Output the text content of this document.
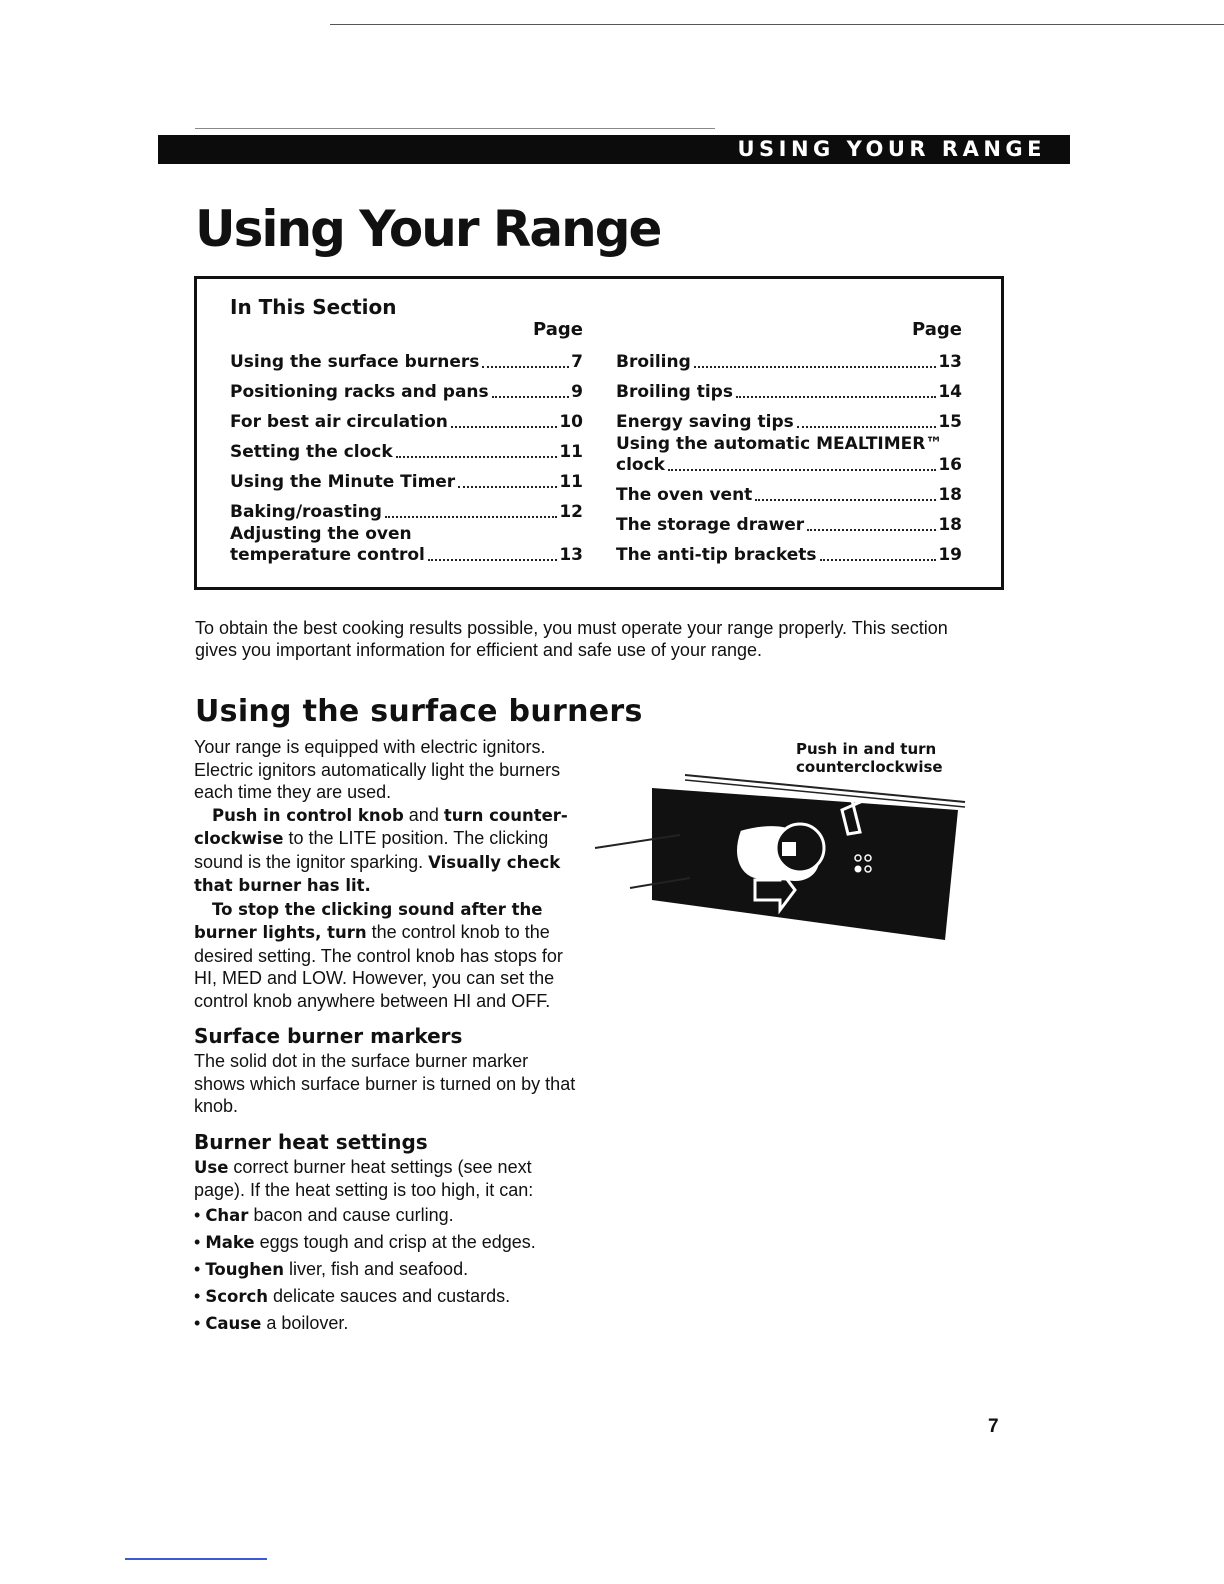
USING YOUR RANGE
Using Your Range
In This Section
Page
Using the surface burners	7
Positioning racks and pans	9
For best air circulation	10
Setting the clock	11
Using the Minute Timer	11
Baking/roasting	12
Adjusting the oven
temperature control	13
Page
Broiling	13
Broiling tips	14
Energy saving tips	15
Using the automatic MEALTIMER™
clock	16
The oven vent	18
The storage drawer	18
The anti-tip brackets	19

To obtain the best cooking results possible, you must operate your range properly. This section gives you important information for efficient and safe use of your range.

Using the surface burners

Your range is equipped with electric ignitors. Electric ignitors automatically light the burners each time they are used.

Push in control knob and turn counter-clockwise to the LITE position. The clicking sound is the ignitor sparking. Visually check that burner has lit.

To stop the clicking sound after the burner lights, turn the control knob to the desired setting. The control knob has stops for HI, MED and LOW. However, you can set the control knob anywhere between HI and OFF.

Surface burner markers

The solid dot in the surface burner marker shows which surface burner is turned on by that knob.

Burner heat settings

Use correct burner heat settings (see next page). If the heat setting is too high, it can:

• Char bacon and cause curling.
• Make eggs tough and crisp at the edges.
• Toughen liver, fish and seafood.
• Scorch delicate sauces and custards.
• Cause a boilover.
Push in and turn counterclockwise
7
